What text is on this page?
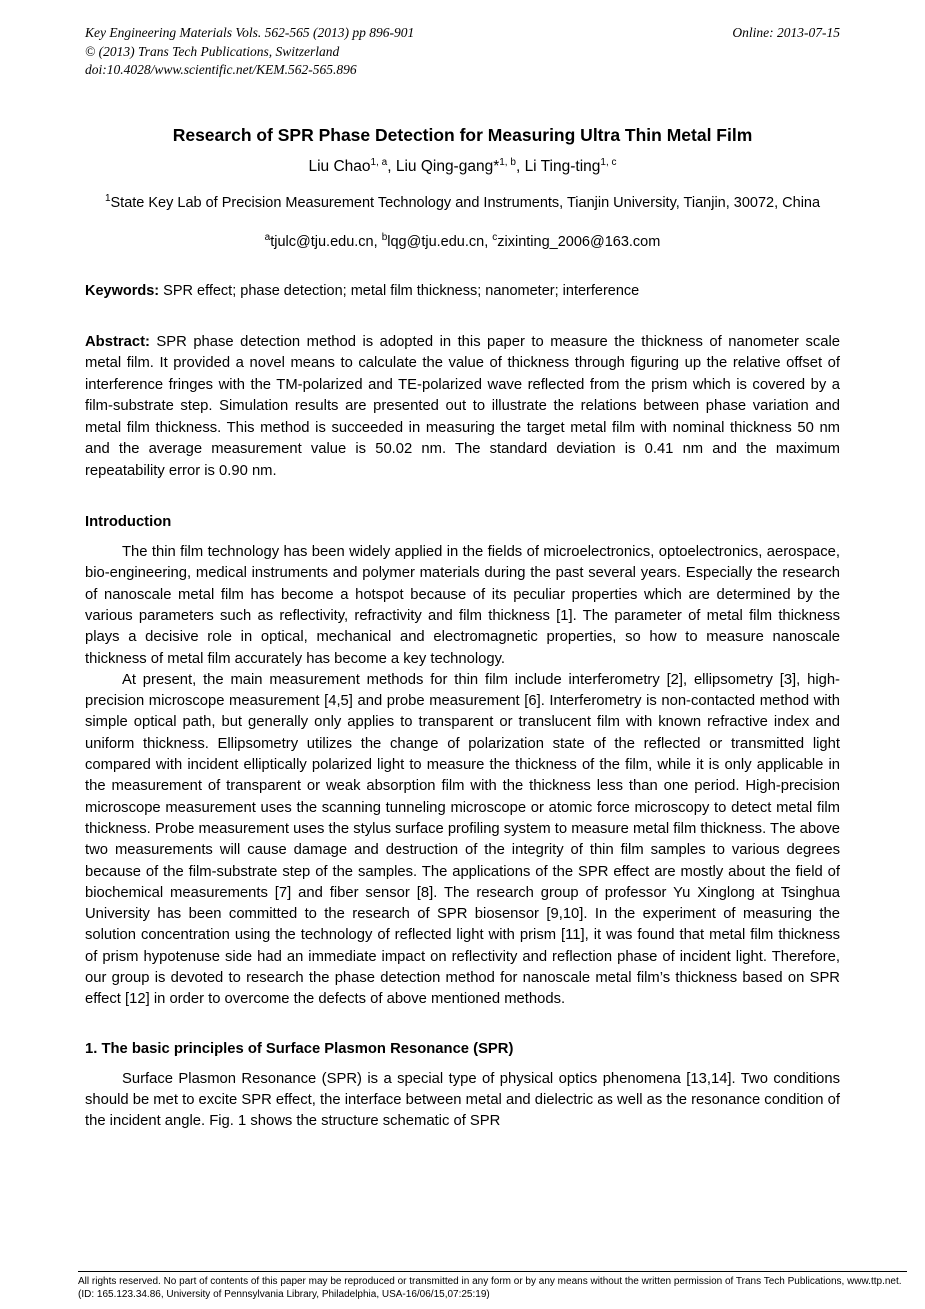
Key Engineering Materials Vols. 562-565 (2013) pp 896-901
© (2013) Trans Tech Publications, Switzerland
doi:10.4028/www.scientific.net/KEM.562-565.896
Online: 2013-07-15
Research of SPR Phase Detection for Measuring Ultra Thin Metal Film
Liu Chao$^{1, a}$, Liu Qing-gang*$^{1, b}$, Li Ting-ting$^{1, c}$
$^1$State Key Lab of Precision Measurement Technology and Instruments, Tianjin University, Tianjin, 30072, China
$^a$tjulc@tju.edu.cn, $^b$lqg@tju.edu.cn, $^c$zixinting_2006@163.com
Keywords: SPR effect; phase detection; metal film thickness; nanometer; interference
Abstract: SPR phase detection method is adopted in this paper to measure the thickness of nanometer scale metal film. It provided a novel means to calculate the value of thickness through figuring up the relative offset of interference fringes with the TM-polarized and TE-polarized wave reflected from the prism which is covered by a film-substrate step. Simulation results are presented out to illustrate the relations between phase variation and metal film thickness. This method is succeeded in measuring the target metal film with nominal thickness 50 nm and the average measurement value is 50.02 nm. The standard deviation is 0.41 nm and the maximum repeatability error is 0.90 nm.
Introduction

The thin film technology has been widely applied in the fields of microelectronics, optoelectronics, aerospace, bio-engineering, medical instruments and polymer materials during the past several years. Especially the research of nanoscale metal film has become a hotspot because of its peculiar properties which are determined by the various parameters such as reflectivity, refractivity and film thickness [1]. The parameter of metal film thickness plays a decisive role in optical, mechanical and electromagnetic properties, so how to measure nanoscale thickness of metal film accurately has become a key technology.

At present, the main measurement methods for thin film include interferometry [2], ellipsometry [3], high-precision microscope measurement [4,5] and probe measurement [6]. Interferometry is non-contacted method with simple optical path, but generally only applies to transparent or translucent film with known refractive index and uniform thickness. Ellipsometry utilizes the change of polarization state of the reflected or transmitted light compared with incident elliptically polarized light to measure the thickness of the film, while it is only applicable in the measurement of transparent or weak absorption film with the thickness less than one period. High-precision microscope measurement uses the scanning tunneling microscope or atomic force microscopy to detect metal film thickness. Probe measurement uses the stylus surface profiling system to measure metal film thickness. The above two measurements will cause damage and destruction of the integrity of thin film samples to various degrees because of the film-substrate step of the samples. The applications of the SPR effect are mostly about the field of biochemical measurements [7] and fiber sensor [8]. The research group of professor Yu Xinglong at Tsinghua University has been committed to the research of SPR biosensor [9,10]. In the experiment of measuring the solution concentration using the technology of reflected light with prism [11], it was found that metal film thickness of prism hypotenuse side had an immediate impact on reflectivity and reflection phase of incident light. Therefore, our group is devoted to research the phase detection method for nanoscale metal film’s thickness based on SPR effect [12] in order to overcome the defects of above mentioned methods.

1. The basic principles of Surface Plasmon Resonance (SPR)

Surface Plasmon Resonance (SPR) is a special type of physical optics phenomena [13,14]. Two conditions should be met to excite SPR effect, the interface between metal and dielectric as well as the resonance condition of the incident angle. Fig. 1 shows the structure schematic of SPR

All rights reserved. No part of contents of this paper may be reproduced or transmitted in any form or by any means without the written permission of Trans Tech Publications, www.ttp.net. (ID: 165.123.34.86, University of Pennsylvania Library, Philadelphia, USA-16/06/15,07:25:19)
